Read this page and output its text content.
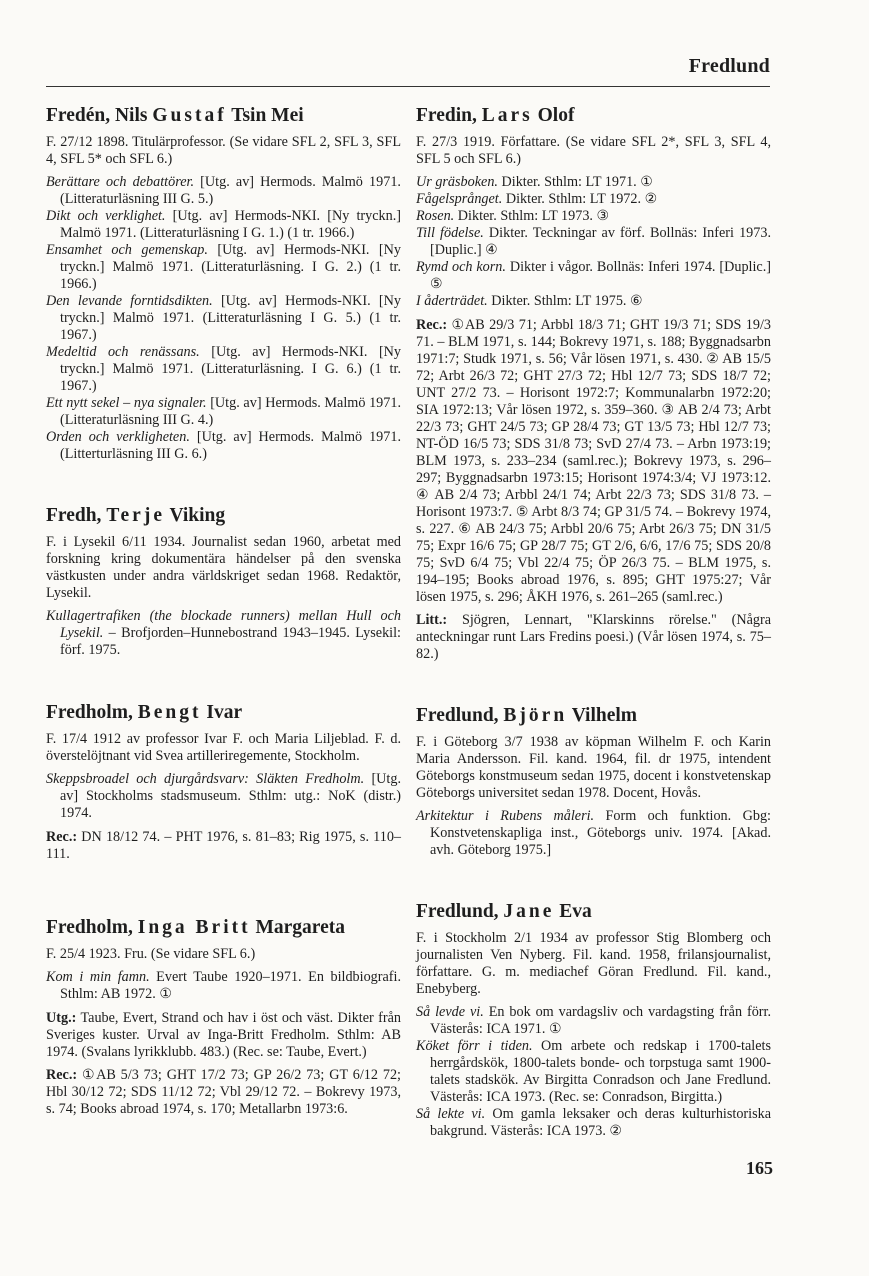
Fredlund
Fredén, Nils Gustaf Tsin Mei
F. 27/12 1898. Titulärprofessor. (Se vidare SFL 2, SFL 3, SFL 4, SFL 5* och SFL 6.)
Berättare och debattörer. [Utg. av] Hermods. Malmö 1971. (Litteraturläsning III G. 5.)
Dikt och verklighet. [Utg. av] Hermods-NKI. [Ny tryckn.] Malmö 1971. (Litteraturläsning I G. 1.) (1 tr. 1966.)
Ensamhet och gemenskap. [Utg. av] Hermods-NKI. [Ny tryckn.] Malmö 1971. (Litteraturläsning. I G. 2.) (1 tr. 1966.)
Den levande forntidsdikten. [Utg. av] Hermods-NKI. [Ny tryckn.] Malmö 1971. (Litteraturläsning I G. 5.) (1 tr. 1967.)
Medeltid och renässans. [Utg. av] Hermods-NKI. [Ny tryckn.] Malmö 1971. (Litteraturläsning. I G. 6.) (1 tr. 1967.)
Ett nytt sekel – nya signaler. [Utg. av] Hermods. Malmö 1971. (Litteraturläsning III G. 4.)
Orden och verkligheten. [Utg. av] Hermods. Malmö 1971. (Litterturläsning III G. 6.)
Fredh, Terje Viking
F. i Lysekil 6/11 1934. Journalist sedan 1960, arbetat med forskning kring dokumentära händelser på den svenska västkusten under andra världskriget sedan 1968. Redaktör, Lysekil.
Kullagertrafiken (the blockade runners) mellan Hull och Lysekil. – Brofjorden–Hunnebostrand 1943–1945. Lysekil: förf. 1975.
Fredholm, Bengt Ivar
F. 17/4 1912 av professor Ivar F. och Maria Liljeblad. F. d. överstelöjtnant vid Svea artilleriregemente, Stockholm.
Skeppsbroadel och djurgårdsvarv: Släkten Fredholm. [Utg. av] Stockholms stadsmuseum. Sthlm: utg.: NoK (distr.) 1974.
Rec.: DN 18/12 74. – PHT 1976, s. 81–83; Rig 1975, s. 110–111.
Fredholm, Inga Britt Margareta
F. 25/4 1923. Fru. (Se vidare SFL 6.)
Kom i min famn. Evert Taube 1920–1971. En bildbiografi. Sthlm: AB 1972. ①
Utg.: Taube, Evert, Strand och hav i öst och väst. Dikter från Sveriges kuster. Urval av Inga-Britt Fredholm. Sthlm: AB 1974. (Svalans lyrikklubb. 483.) (Rec. se: Taube, Evert.)
Rec.: ①AB 5/3 73; GHT 17/2 73; GP 26/2 73; GT 6/12 72; Hbl 30/12 72; SDS 11/12 72; Vbl 29/12 72. – Bokrevy 1973, s. 74; Books abroad 1974, s. 170; Metallarbn 1973:6.
Fredin, Lars Olof
F. 27/3 1919. Författare. (Se vidare SFL 2*, SFL 3, SFL 4, SFL 5 och SFL 6.)
Ur gräsboken. Dikter. Sthlm: LT 1971. ①
Fågelsprånget. Dikter. Sthlm: LT 1972. ②
Rosen. Dikter. Sthlm: LT 1973. ③
Till födelse. Dikter. Teckningar av förf. Bollnäs: Inferi 1973. [Duplic.] ④
Rymd och korn. Dikter i vågor. Bollnäs: Inferi 1974. [Duplic.] ⑤
I åderträdet. Dikter. Sthlm: LT 1975. ⑥
Rec.: ①AB 29/3 71; Arbbl 18/3 71; GHT 19/3 71; SDS 19/3 71. – BLM 1971, s. 144; Bokrevy 1971, s. 188; Byggnadsarbn 1971:7; Studk 1971, s. 56; Vår lösen 1971, s. 430. ② AB 15/5 72; Arbt 26/3 72; GHT 27/3 72; Hbl 12/7 73; SDS 18/7 72; UNT 27/2 73. – Horisont 1972:7; Kommunalarbn 1972:20; SIA 1972:13; Vår lösen 1972, s. 359–360. ③ AB 2/4 73; Arbt 22/3 73; GHT 24/5 73; GP 28/4 73; GT 13/5 73; Hbl 12/7 73; NT-ÖD 16/5 73; SDS 31/8 73; SvD 27/4 73. – Arbn 1973:19; BLM 1973, s. 233–234 (saml.rec.); Bokrevy 1973, s. 296–297; Byggnadsarbn 1973:15; Horisont 1974:3/4; VJ 1973:12. ④ AB 2/4 73; Arbbl 24/1 74; Arbt 22/3 73; SDS 31/8 73. – Horisont 1973:7. ⑤ Arbt 8/3 74; GP 31/5 74. – Bokrevy 1974, s. 227. ⑥ AB 24/3 75; Arbbl 20/6 75; Arbt 26/3 75; DN 31/5 75; Expr 16/6 75; GP 28/7 75; GT 2/6, 6/6, 17/6 75; SDS 20/8 75; SvD 6/4 75; Vbl 22/4 75; ÖP 26/3 75. – BLM 1975, s. 194–195; Books abroad 1976, s. 895; GHT 1975:27; Vår lösen 1975, s. 296; ÅKH 1976, s. 261–265 (saml.rec.)
Litt.: Sjögren, Lennart, "Klarskinns rörelse." (Några anteckningar runt Lars Fredins poesi.) (Vår lösen 1974, s. 75–82.)
Fredlund, Björn Vilhelm
F. i Göteborg 3/7 1938 av köpman Wilhelm F. och Karin Maria Andersson. Fil. kand. 1964, fil. dr 1975, intendent Göteborgs konstmuseum sedan 1975, docent i konstvetenskap Göteborgs universitet sedan 1978. Docent, Hovås.
Arkitektur i Rubens måleri. Form och funktion. Gbg: Konstvetenskapliga inst., Göteborgs univ. 1974. [Akad. avh. Göteborg 1975.]
Fredlund, Jane Eva
F. i Stockholm 2/1 1934 av professor Stig Blomberg och journalisten Ven Nyberg. Fil. kand. 1958, frilansjournalist, författare. G. m. mediachef Göran Fredlund. Fil. kand., Enebyberg.
Så levde vi. En bok om vardagsliv och vardagsting från förr. Västerås: ICA 1971. ①
Köket förr i tiden. Om arbete och redskap i 1700-talets herrgårdskök, 1800-talets bonde- och torpstuga samt 1900-talets stadskök. Av Birgitta Conradson och Jane Fredlund. Västerås: ICA 1973. (Rec. se: Conradson, Birgitta.)
Så lekte vi. Om gamla leksaker och deras kulturhistoriska bakgrund. Västerås: ICA 1973. ②
165
